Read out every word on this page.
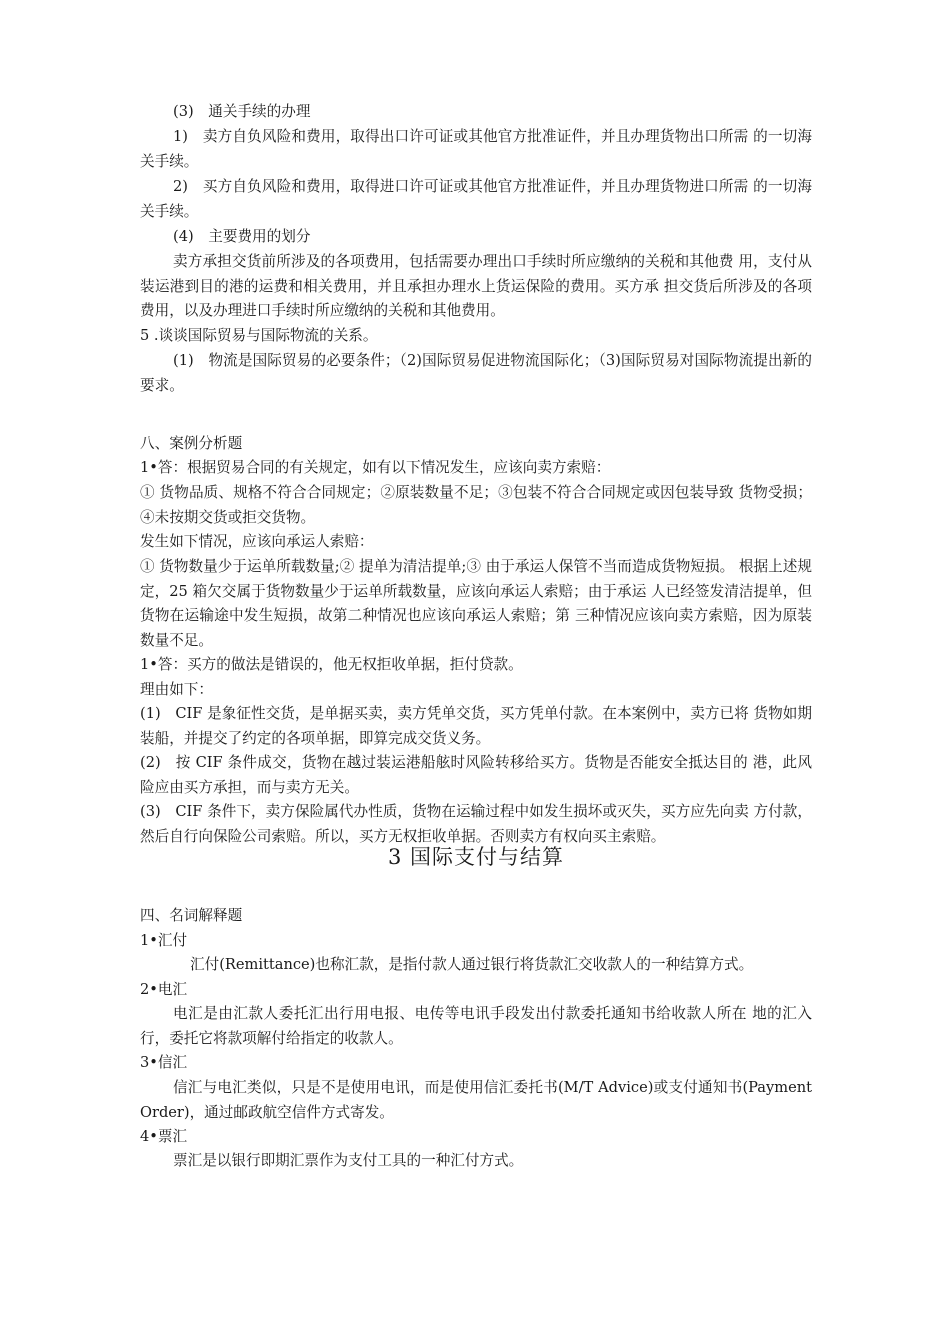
(3)　通关手续的办理

1)　卖方自负风险和费用，取得出口许可证或其他官方批准证件，并且办理货物出口所需 的一切海关手续。

2)　买方自负风险和费用，取得进口许可证或其他官方批准证件，并且办理货物进口所需 的一切海关手续。

(4)　主要费用的划分

卖方承担交货前所涉及的各项费用，包括需要办理出口手续时所应缴纳的关税和其他费 用，支付从装运港到目的港的运费和相关费用，并且承担办理水上货运保险的费用。买方承 担交货后所涉及的各项费用，以及办理进口手续时所应缴纳的关税和其他费用。

5 .谈谈国际贸易与国际物流的关系。

(1)　物流是国际贸易的必要条件；（2)国际贸易促进物流国际化；（3)国际贸易对国际物流提出新的要求。

八、案例分析题

1•答：根据贸易合同的有关规定，如有以下情况发生，应该向卖方索赔：

① 货物品质、规格不符合合同规定；②原装数量不足；③包装不符合合同规定或因包装导致 货物受损；④未按期交货或拒交货物。

发生如下情况，应该向承运人索赔：

① 货物数量少于运单所载数量;② 提单为清洁提单;③ 由于承运人保管不当而造成货物短损。 根据上述规定，25 箱欠交属于货物数量少于运单所载数量，应该向承运人索赔；由于承运 人已经签发清洁提单，但货物在运输途中发生短损，故第二种情况也应该向承运人索赔；第 三种情况应该向卖方索赔，因为原装数量不足。

1•答：买方的做法是错误的，他无权拒收单据，拒付贷款。

理由如下：

(1)　CIF 是象征性交货，是单据买卖，卖方凭单交货，买方凭单付款。在本案例中，卖方已将 货物如期装船，并提交了约定的各项单据，即算完成交货义务。

(2)　按 CIF 条件成交，货物在越过装运港船舷时风险转移给买方。货物是否能安全抵达目的 港，此风险应由买方承担，而与卖方无关。

(3)　CIF 条件下，卖方保险属代办性质，货物在运输过程中如发生损坏或灭失，买方应先向卖 方付款，然后自行向保险公司索赔。所以，买方无权拒收单据。否则卖方有权向买主索赔。

3 国际支付与结算

四、名词解释题

1•汇付

汇付(Remittance)也称汇款，是指付款人通过银行将货款汇交收款人的一种结算方式。

2•电汇

电汇是由汇款人委托汇出行用电报、电传等电讯手段发出付款委托通知书给收款人所在 地的汇入行，委托它将款项解付给指定的收款人。

3•信汇

信汇与电汇类似，只是不是使用电讯，而是使用信汇委托书(M/T Advice)或支付通知书(Payment Order)，通过邮政航空信件方式寄发。

4•票汇

票汇是以银行即期汇票作为支付工具的一种汇付方式。
